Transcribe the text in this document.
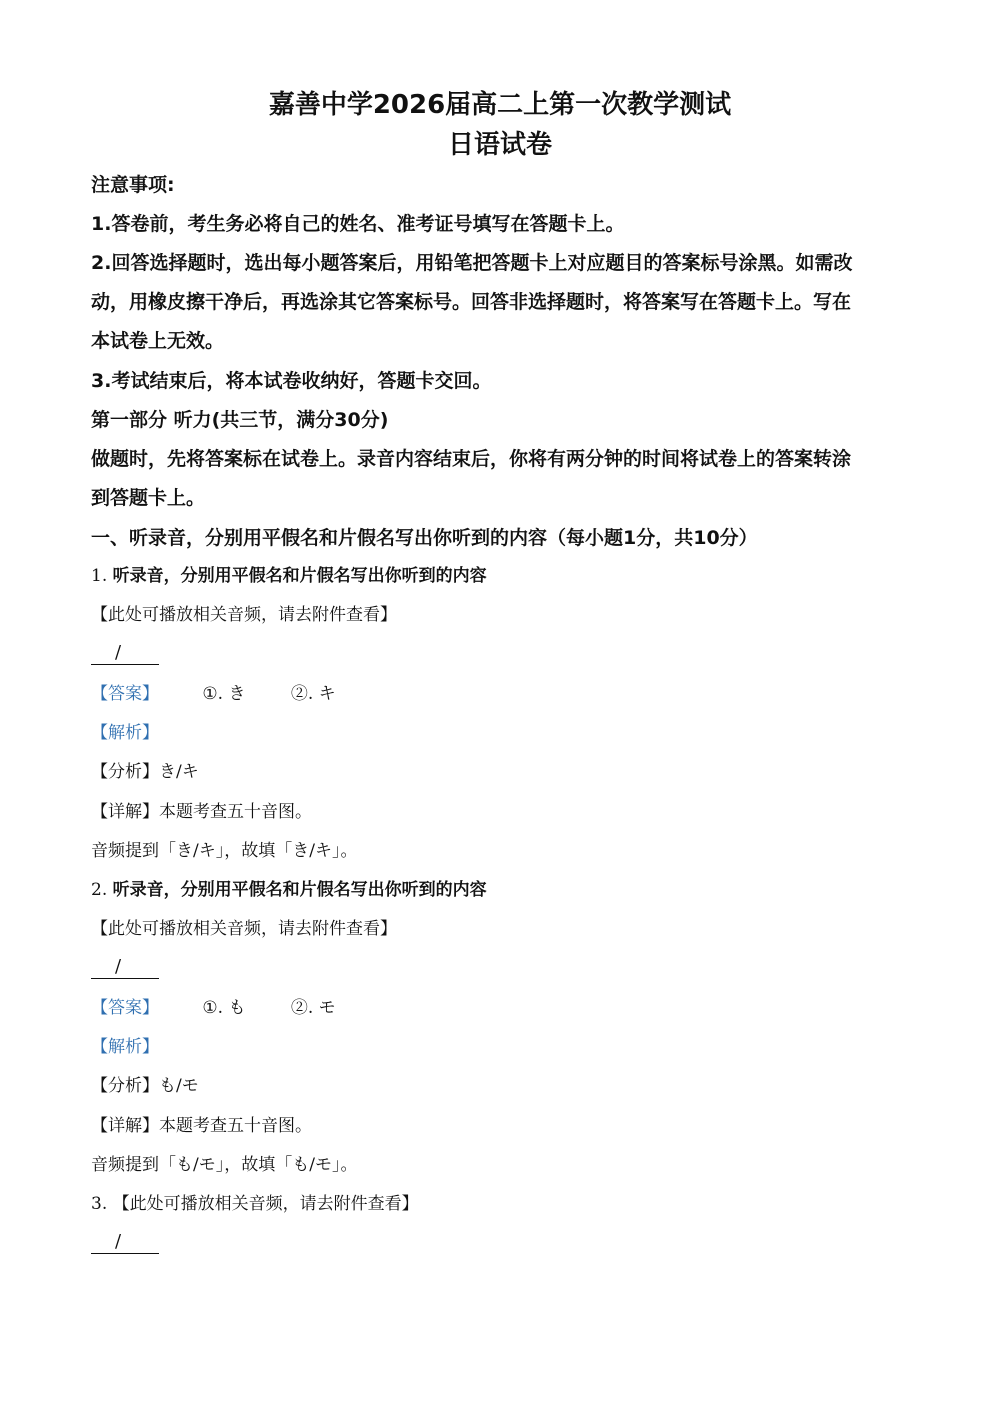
嘉善中学2026届高二上第一次教学测试
日语试卷

注意事项:

1.答卷前，考生务必将自己的姓名、准考证号填写在答题卡上。

2.回答选择题时，选出每小题答案后，用铅笔把答题卡上对应题目的答案标号涂黑。如需改

动，用橡皮擦干净后，再选涂其它答案标号。回答非选择题时，将答案写在答题卡上。写在

本试卷上无效。

3.考试结束后，将本试卷收纳好，答题卡交回。

第一部分 听力(共三节，满分30分)

做题时，先将答案标在试卷上。录音内容结束后，你将有两分钟的时间将试卷上的答案转涂

到答题卡上。

一、听录音，分别用平假名和片假名写出你听到的内容（每小题1分，共10分）

1. 听录音，分别用平假名和片假名写出你听到的内容

【此处可播放相关音频，请去附件查看】

/

【答案】	①. き	②. キ

【解析】

【分析】き/キ

【详解】本题考查五十音图。

音频提到「き/キ」，故填「き/キ」。

2. 听录音，分别用平假名和片假名写出你听到的内容

【此处可播放相关音频，请去附件查看】

/

【答案】	①. も	②. モ

【解析】

【分析】も/モ

【详解】本题考查五十音图。

音频提到「も/モ」，故填「も/モ」。

3. 【此处可播放相关音频，请去附件查看】

/
